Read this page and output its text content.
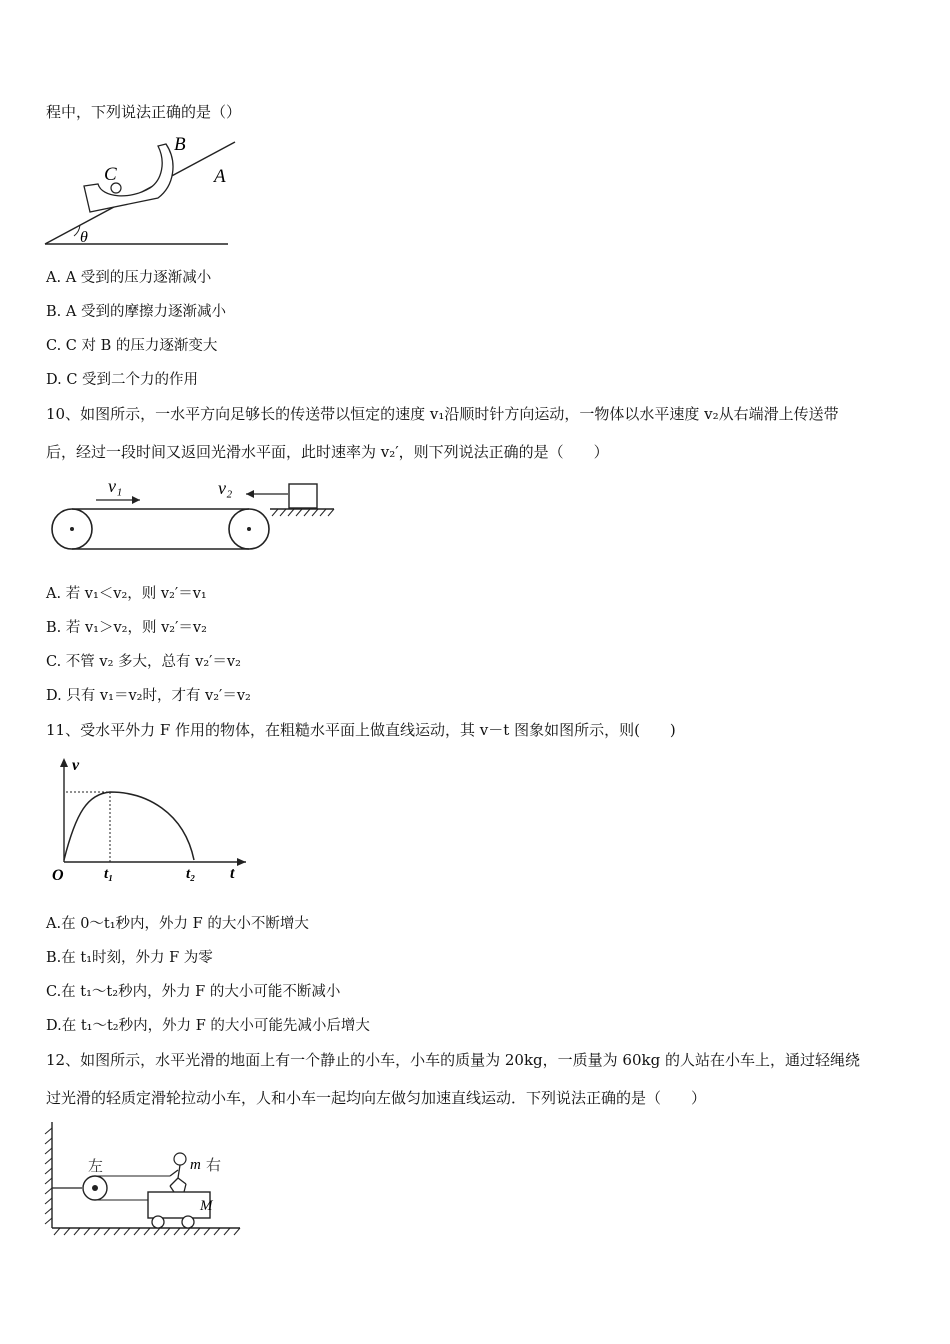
程中，下列说法正确的是（）
θ
C
B
A
A. A 受到的压力逐渐减小
B. A 受到的摩擦力逐渐减小
C. C 对 B 的压力逐渐变大
D. C 受到二个力的作用
10、如图所示，一水平方向足够长的传送带以恒定的速度 v₁沿顺时针方向运动，一物体以水平速度 v₂从右端滑上传送带
后，经过一段时间又返回光滑水平面，此时速率为 v₂′，则下列说法正确的是（　　）
v₁	v₂
A. 若 v₁＜v₂，则 v₂′＝v₁
B. 若 v₁＞v₂，则 v₂′＝v₂
C. 不管 v₂ 多大，总有 v₂′＝v₂
D. 只有 v₁＝v₂时，才有 v₂′＝v₂
11、受水平外力 F 作用的物体，在粗糙水平面上做直线运动，其 v－t 图象如图所示，则(　　)
v
O	t₁	t₂ t
A.在 0～t₁秒内，外力 F 的大小不断增大
B.在 t₁时刻，外力 F 为零
C.在 t₁～t₂秒内，外力 F 的大小可能不断减小
D.在 t₁～t₂秒内，外力 F 的大小可能先减小后增大
12、如图所示，水平光滑的地面上有一个静止的小车，小车的质量为 20kg，一质量为 60kg 的人站在小车上，通过轻绳绕
过光滑的轻质定滑轮拉动小车，人和小车一起均向左做匀加速直线运动．下列说法正确的是（　　）
左	m 右
M
